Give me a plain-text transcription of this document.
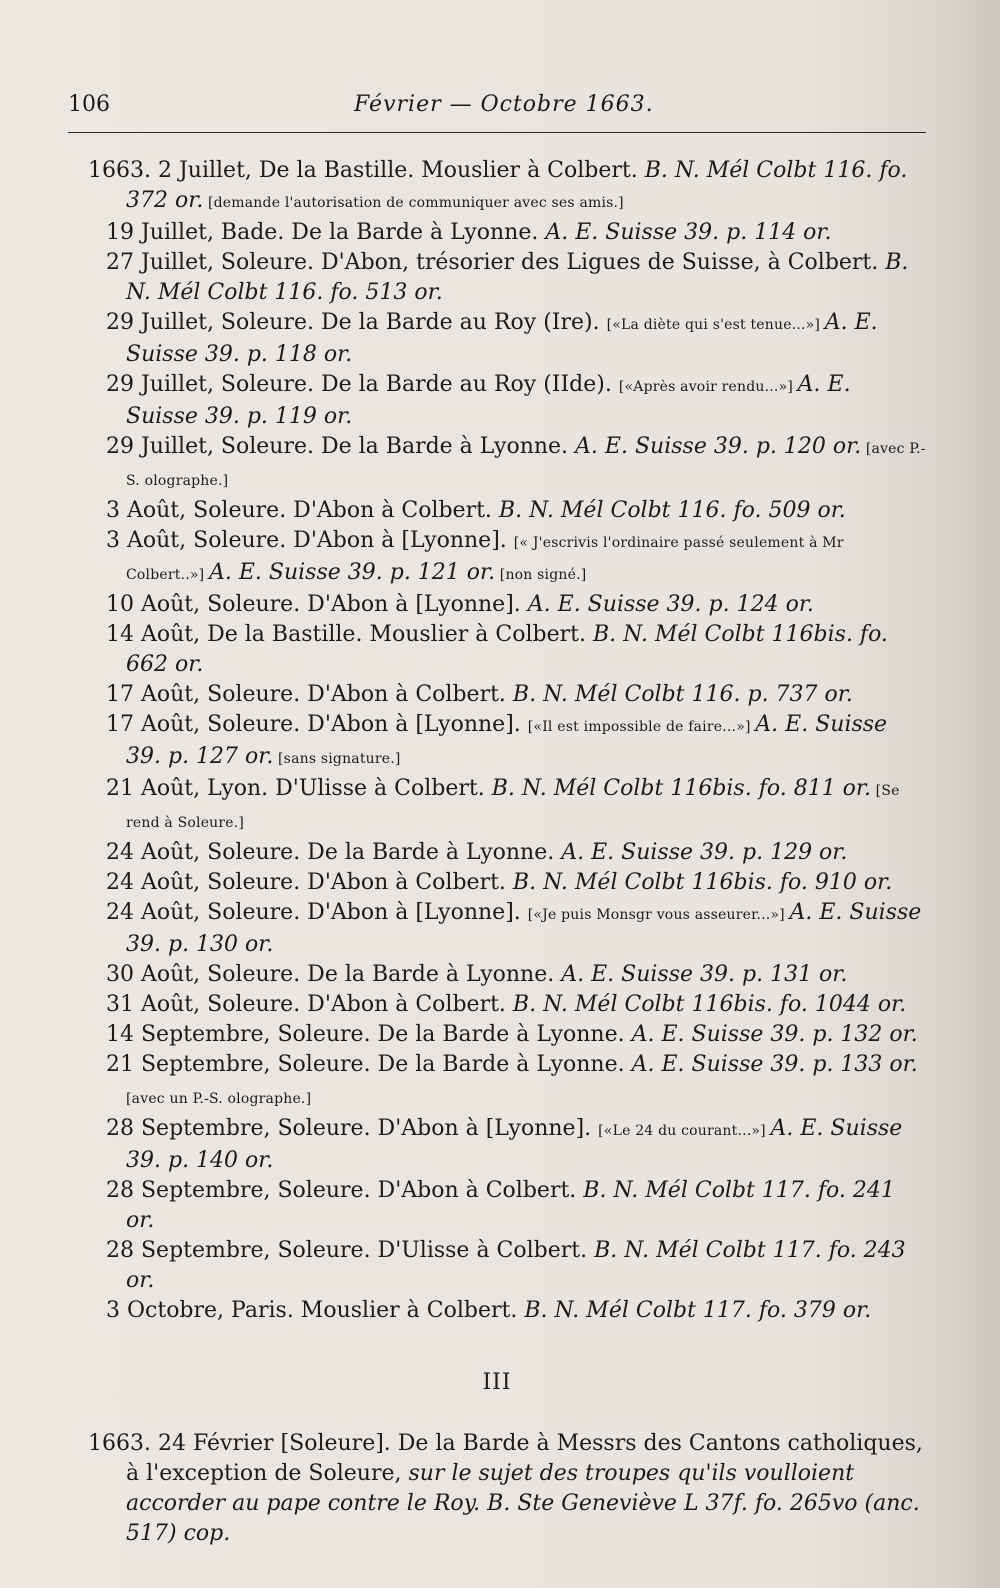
106	Février — Octobre 1663.
1663. 2 Juillet, De la Bastille. Mouslier à Colbert. B. N. Mél Colbt 116. fo. 372 or. [demande l'autorisation de communiquer avec ses amis.]
19 Juillet, Bade. De la Barde à Lyonne. A. E. Suisse 39. p. 114 or.
27 Juillet, Soleure. D'Abon, trésorier des Ligues de Suisse, à Colbert. B. N. Mél Colbt 116. fo. 513 or.
29 Juillet, Soleure. De la Barde au Roy (Ire). [«La diète qui s'est tenue...»] A. E. Suisse 39. p. 118 or.
29 Juillet, Soleure. De la Barde au Roy (IIde). [«Après avoir rendu...»] A. E. Suisse 39. p. 119 or.
29 Juillet, Soleure. De la Barde à Lyonne. A. E. Suisse 39. p. 120 or. [avec P.-S. olographe.]
3 Août, Soleure. D'Abon à Colbert. B. N. Mél Colbt 116. fo. 509 or.
3 Août, Soleure. D'Abon à [Lyonne]. [« J'escrivis l'ordinaire passé seulement à Mr Colbert..»] A. E. Suisse 39. p. 121 or. [non signé.]
10 Août, Soleure. D'Abon à [Lyonne]. A. E. Suisse 39. p. 124 or.
14 Août, De la Bastille. Mouslier à Colbert. B. N. Mél Colbt 116bis. fo. 662 or.
17 Août, Soleure. D'Abon à Colbert. B. N. Mél Colbt 116. p. 737 or.
17 Août, Soleure. D'Abon à [Lyonne]. [«Il est impossible de faire...»] A. E. Suisse 39. p. 127 or. [sans signature.]
21 Août, Lyon. D'Ulisse à Colbert. B. N. Mél Colbt 116bis. fo. 811 or. [Se rend à Soleure.]
24 Août, Soleure. De la Barde à Lyonne. A. E. Suisse 39. p. 129 or.
24 Août, Soleure. D'Abon à Colbert. B. N. Mél Colbt 116bis. fo. 910 or.
24 Août, Soleure. D'Abon à [Lyonne]. [«Je puis Monsgr vous asseurer...»] A. E. Suisse 39. p. 130 or.
30 Août, Soleure. De la Barde à Lyonne. A. E. Suisse 39. p. 131 or.
31 Août, Soleure. D'Abon à Colbert. B. N. Mél Colbt 116bis. fo. 1044 or.
14 Septembre, Soleure. De la Barde à Lyonne. A. E. Suisse 39. p. 132 or.
21 Septembre, Soleure. De la Barde à Lyonne. A. E. Suisse 39. p. 133 or. [avec un P.-S. olographe.]
28 Septembre, Soleure. D'Abon à [Lyonne]. [«Le 24 du courant...»] A. E. Suisse 39. p. 140 or.
28 Septembre, Soleure. D'Abon à Colbert. B. N. Mél Colbt 117. fo. 241 or.
28 Septembre, Soleure. D'Ulisse à Colbert. B. N. Mél Colbt 117. fo. 243 or.
3 Octobre, Paris. Mouslier à Colbert. B. N. Mél Colbt 117. fo. 379 or.
III
1663. 24 Février [Soleure]. De la Barde à Messrs des Cantons catholiques, à l'exception de Soleure, sur le sujet des troupes qu'ils voulloient accorder au pape contre le Roy. B. Ste Geneviève L 37f. fo. 265vo (anc. 517) cop.
